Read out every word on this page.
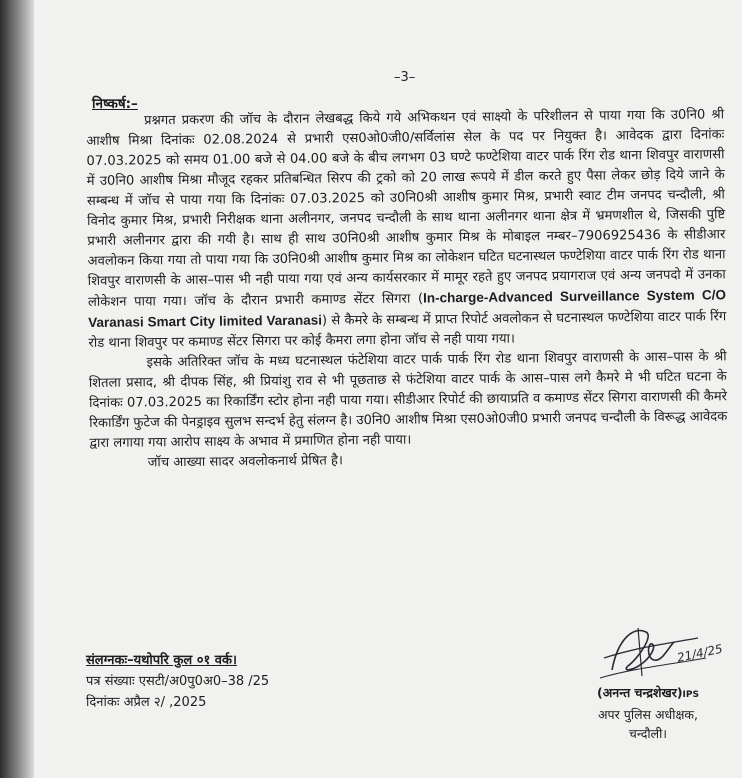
–3–
निष्कर्ष:–

प्रश्नगत प्रकरण की जॉच के दौरान लेखबद्ध किये गये अभिकथन एवं साक्ष्यो के परिशीलन से पाया गया कि उ0नि0 श्री आशीष मिश्रा दिनांकः 02.08.2024 से प्रभारी एस0ओ0जी0/सर्विलांस सेल के पद पर नियुक्त है। आवेदक द्वारा दिनांकः 07.03.2025 को समय 01.00 बजे से 04.00 बजे के बीच लगभग 03 घण्टे फण्टेशिया वाटर पार्क रिंग रोड थाना शिवपुर वाराणसी में उ0नि0 आशीष मिश्रा मौजूद रहकर प्रतिबन्धित सिरप की ट्रको को 20 लाख रूपये में डील करते हुए पैसा लेकर छोड़ दिये जाने के सम्बन्ध में जॉच से पाया गया कि दिनांकः 07.03.2025 को उ0नि0श्री आशीष कुमार मिश्र, प्रभारी स्वाट टीम जनपद चन्दौली, श्री विनोद कुमार मिश्र, प्रभारी निरीक्षक थाना अलीनगर, जनपद चन्दौली के साथ थाना अलीनगर थाना क्षेत्र में भ्रमणशील थे, जिसकी पुष्टि प्रभारी अलीनगर द्वारा की गयी है। साथ ही साथ उ0नि0श्री आशीष कुमार मिश्र के मोबाइल नम्बर–7906925436 के सीडीआर अवलोकन किया गया तो पाया गया कि उ0नि0श्री आशीष कुमार मिश्र का लोकेशन घटित घटनास्थल फण्टेशिया वाटर पार्क रिंग रोड थाना शिवपुर वाराणसी के आस–पास भी नही पाया गया एवं अन्य कार्यसरकार में मामूर रहते हुए जनपद प्रयागराज एवं अन्य जनपदो में उनका लोकेशन पाया गया। जॉच के दौरान प्रभारी कमाण्ड सेंटर सिगरा (In-charge-Advanced Surveillance System C/O Varanasi Smart City limited Varanasi) से कैमरे के सम्बन्ध में प्राप्त रिपोर्ट अवलोकन से घटनास्थल फण्टेशिया वाटर पार्क रिंग रोड थाना शिवपुर पर कमाण्ड सेंटर सिगरा पर कोई कैमरा लगा होना जॉच से नही पाया गया।

इसके अतिरिक्त जॉच के मध्य घटनास्थल फंटेशिया वाटर पार्क पार्क रिंग रोड थाना शिवपुर वाराणसी के आस–पास के श्री शितला प्रसाद, श्री दीपक सिंह, श्री प्रियांशु राव से भी पूछताछ से फंटेशिया वाटर पार्क के आस–पास लगे कैमरे मे भी घटित घटना के दिनांकः 07.03.2025 का रिकार्डिंग स्टोर होना नही पाया गया। सीडीआर रिपोर्ट की छायाप्रति व कमाण्ड सेंटर सिगरा वाराणसी की कैमरे रिकार्डिंग फुटेज की पेनड्राइव सुलभ सन्दर्भ हेतु संलग्न है। उ0नि0 आशीष मिश्रा एस0ओ0जी0 प्रभारी जनपद चन्दौली के विरूद्ध आवेदक द्वारा लगाया गया आरोप साक्ष्य के अभाव में प्रमाणित होना नही पाया।

जॉच आख्या सादर अवलोकनार्थ प्रेषित है।

संलग्नकः–यथोपरि कुल ०१ वर्क।
पत्र संख्याः एसटी/अ0पु0अ0–38 /25
दिनांकः अप्रैल २/ ,2025
21/4/25
(अनन्त चन्द्रशेखर)IPS
अपर पुलिस अधीक्षक,
चन्दौली।
